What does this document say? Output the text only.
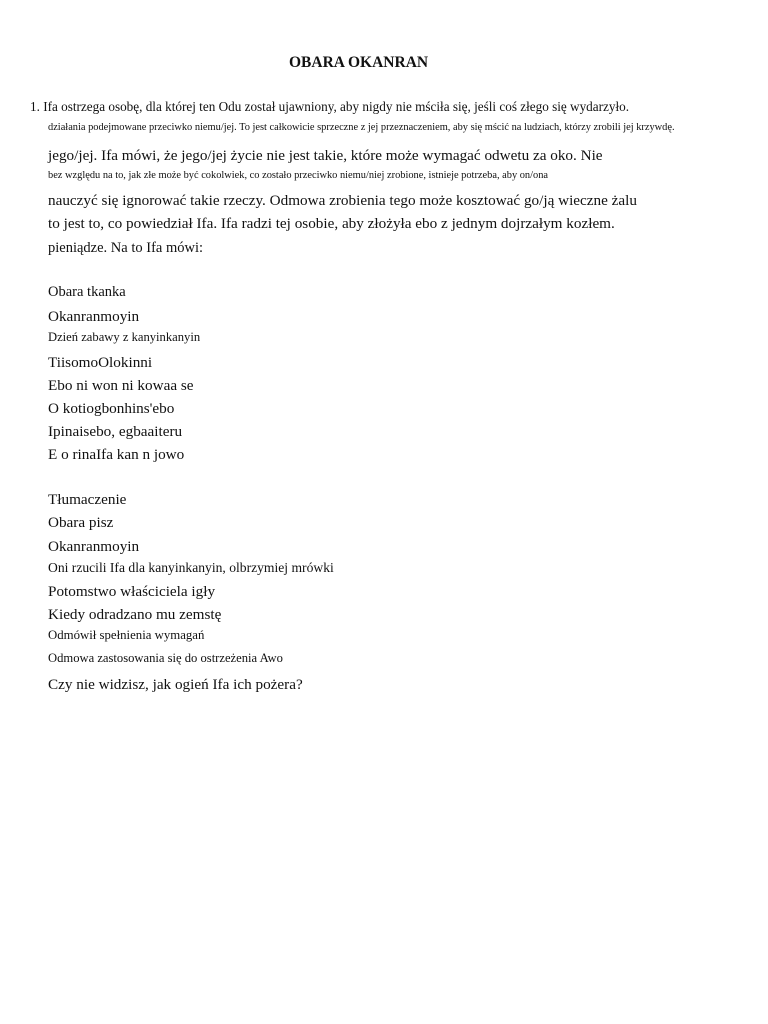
OBARA OKANRAN
1. Ifa ostrzega osobę, dla której ten Odu został ujawniony, aby nigdy nie mściła się, jeśli coś złego się wydarzyło.
działania podejmowane przeciwko niemu/jej. To jest całkowicie sprzeczne z jej przeznaczeniem, aby się mścić na ludziach, którzy zrobili jej krzywdę.
jego/jej. Ifa mówi, że jego/jej życie nie jest takie, które może wymagać odwetu za oko. Nie
bez względu na to, jak złe może być cokolwiek, co zostało przeciwko niemu/niej zrobione, istnieje potrzeba, aby on/ona
nauczyć się ignorować takie rzeczy. Odmowa zrobienia tego może kosztować go/ją wieczne żalu
to jest to, co powiedział Ifa. Ifa radzi tej osobie, aby złożyła ebo z jednym dojrzałym kozłem.
pieniądze. Na to Ifa mówi:
Obara tkanka
Okanranmoyin
Dzień zabawy z kanyinkanyin
TiisomoOlokinni
Ebo ni won ni kowaa se
O kotiogbonhins'ebo
Ipinaisebo, egbaaiteru
E o rinaIfa kan n jowo
Tłumaczenie
Obara pisz
Okanranmoyin
Oni rzucili Ifa dla kanyinkanyin, olbrzymiej mrówki
Potomstwo właściciela igły
Kiedy odradzano mu zemstę
Odmówił spełnienia wymagań
Odmowa zastosowania się do ostrzeżenia Awo
Czy nie widzisz, jak ogień Ifa ich pożera?
